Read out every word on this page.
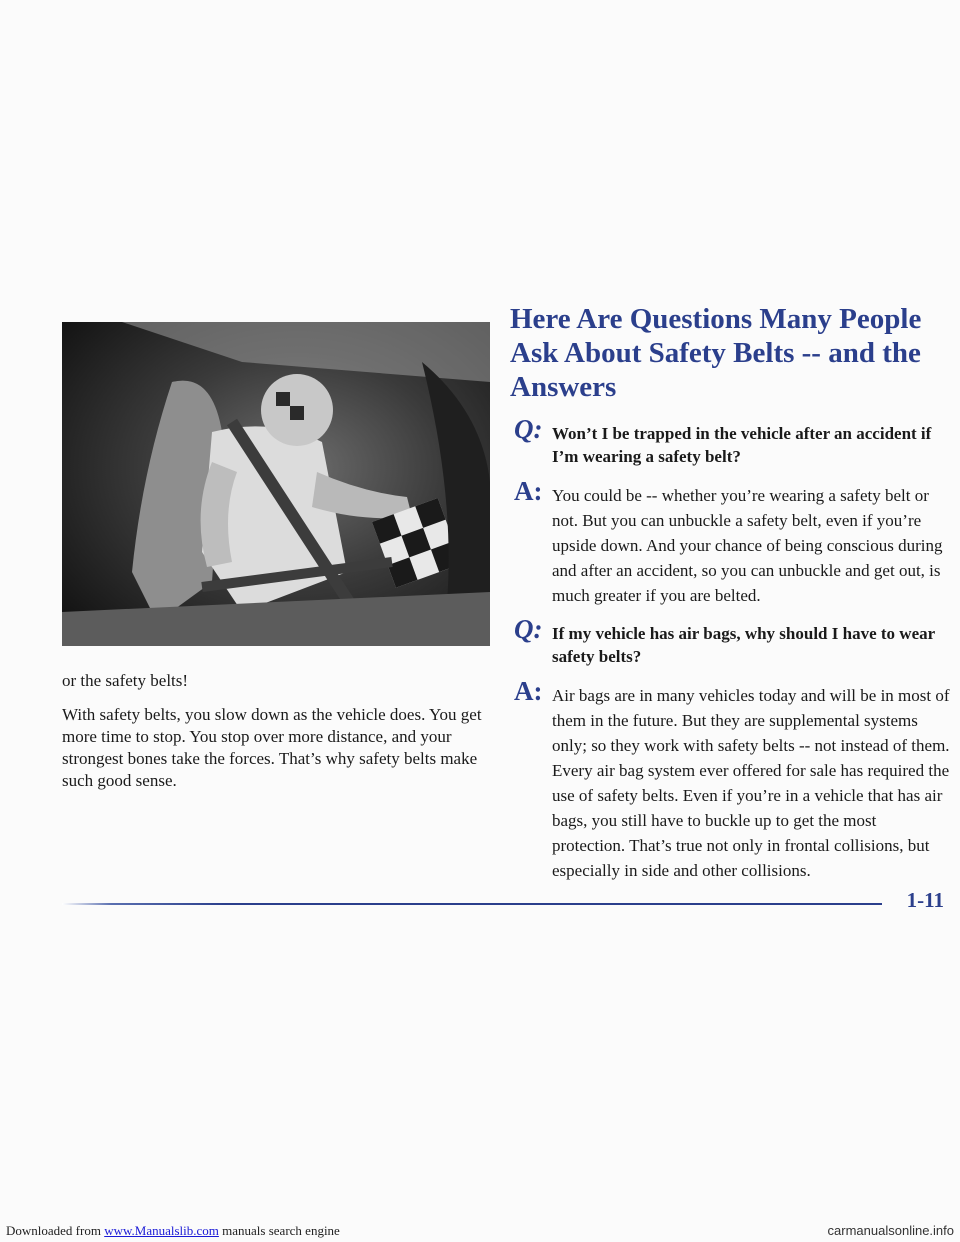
or the safety belts!

With safety belts, you slow down as the vehicle does. You get more time to stop. You stop over more distance, and your strongest bones take the forces. That’s why safety belts make such good sense.

Here Are Questions Many People Ask About Safety Belts -- and the Answers
Q: Won’t I be trapped in the vehicle after an accident if I’m wearing a safety belt?
A: You could be -- whether you’re wearing a safety belt or not. But you can unbuckle a safety belt, even if you’re upside down. And your chance of being conscious during and after an accident, so you can unbuckle and get out, is much greater if you are belted.
Q: If my vehicle has air bags, why should I have to wear safety belts?
A: Air bags are in many vehicles today and will be in most of them in the future. But they are supplemental systems only; so they work with safety belts -- not instead of them. Every air bag system ever offered for sale has required the use of safety belts. Even if you’re in a vehicle that has air bags, you still have to buckle up to get the most protection. That’s true not only in frontal collisions, but especially in side and other collisions.
1-11
Downloaded from www.Manualslib.com manuals search engine	carmanualsonline.info
